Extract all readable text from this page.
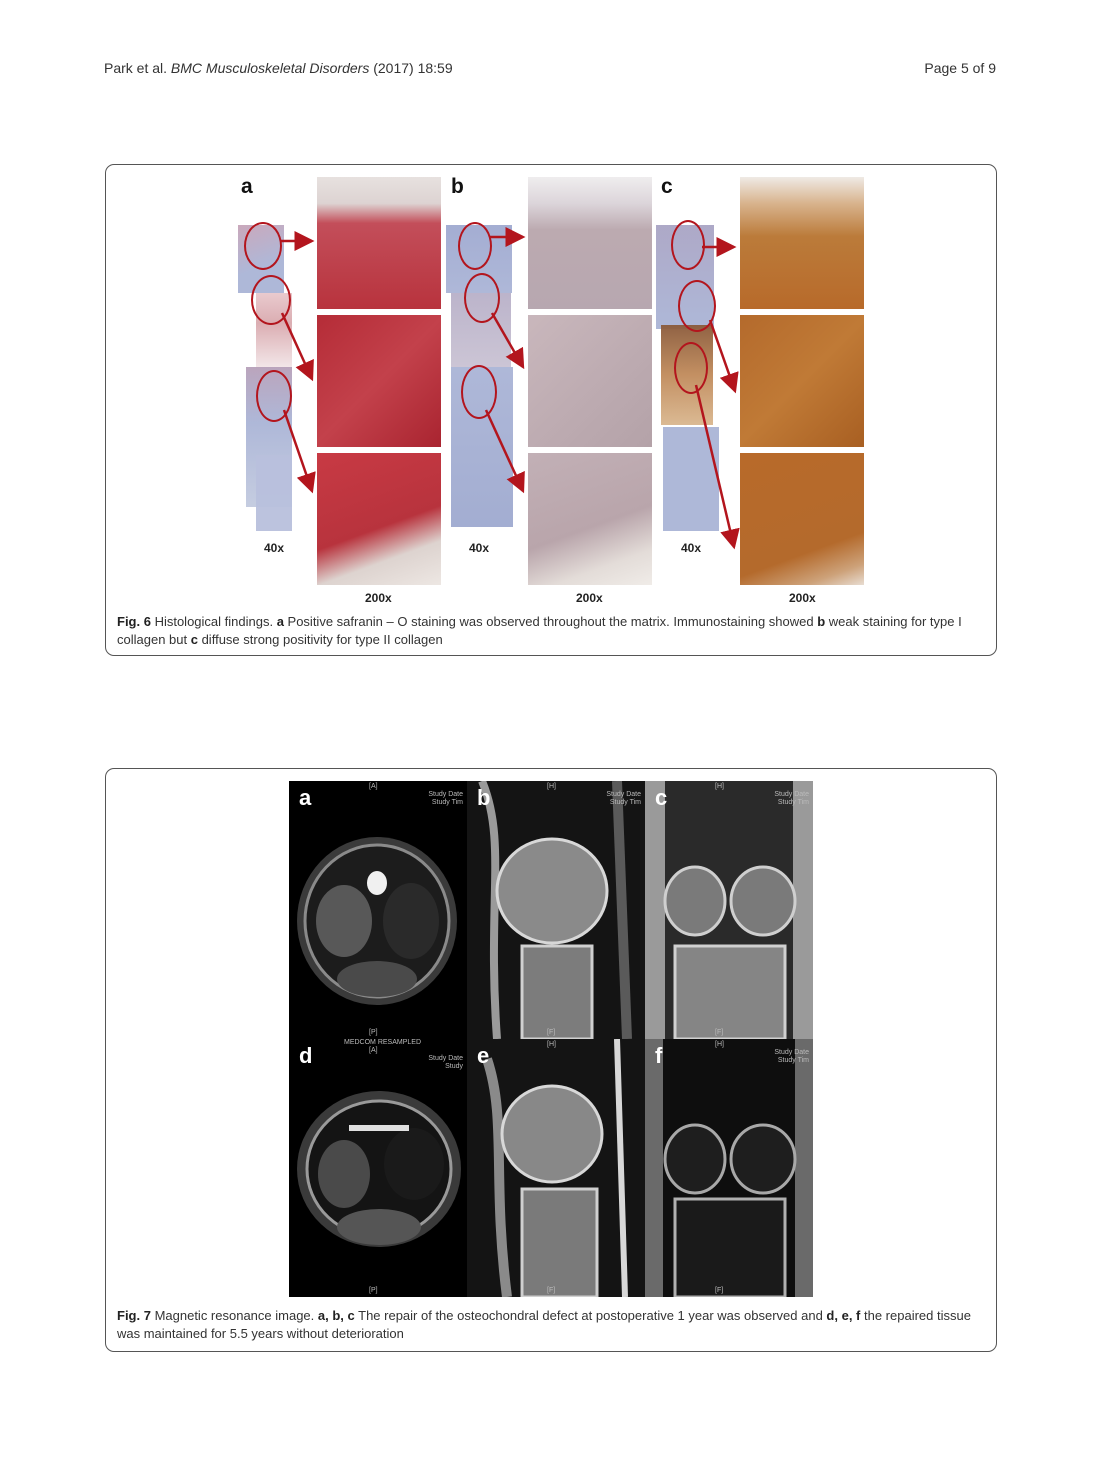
Park et al. BMC Musculoskeletal Disorders (2017) 18:59	Page 5 of 9
a	b	c
40x
200x
40x
200x
40x
200x
Fig. 6 Histological findings. a Positive safranin – O staining was observed throughout the matrix. Immunostaining showed b weak staining for type I collagen but c diffuse strong positivity for type II collagen
a	[A]
[P]
Study Date
Study Tim b	[H]
[F]
Study Date
Study Tim c	[H]
[F]
Study Date
Study Tim
d
MEDCOM RESAMPLED
[A]
[P]
Study Date
Study e	[H]
[F]
f	[H]
[F]
Study Date
Study Tim
Fig. 7 Magnetic resonance image. a, b, c The repair of the osteochondral defect at postoperative 1 year was observed and d, e, f the repaired tissue was maintained for 5.5 years without deterioration
